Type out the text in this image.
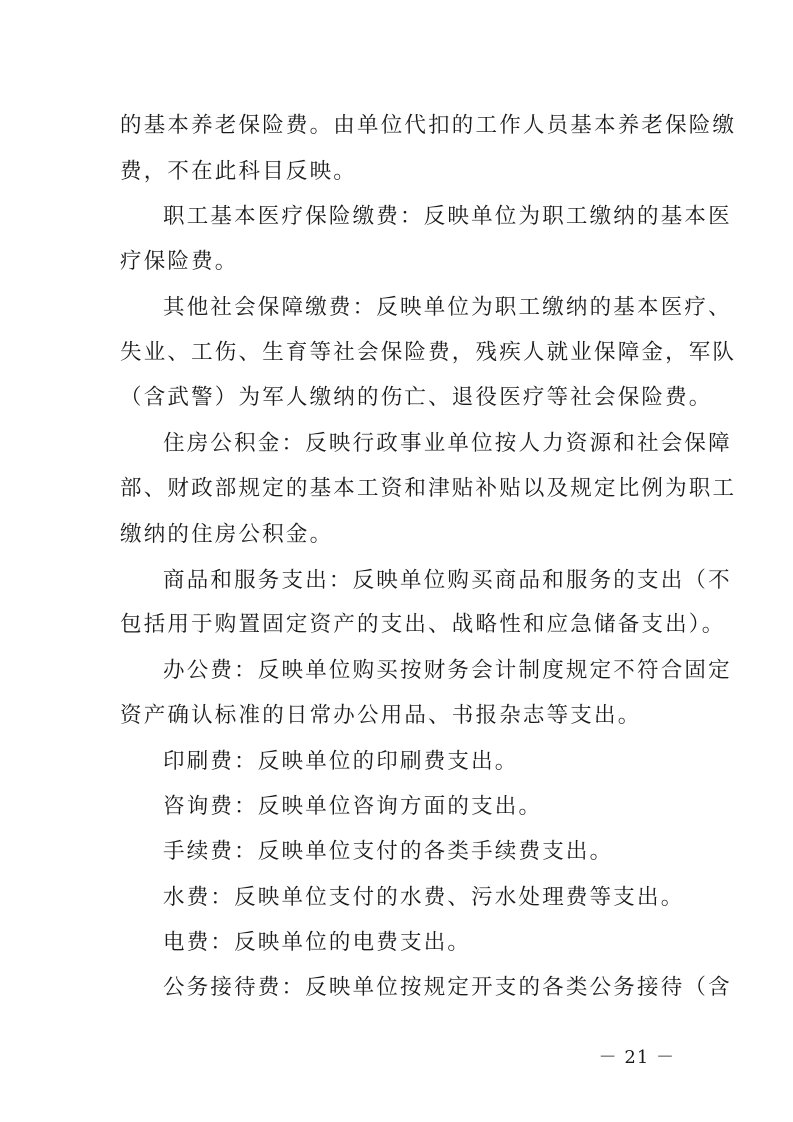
的基本养老保险费。由单位代扣的工作人员基本养老保险缴
费，不在此科目反映。
职工基本医疗保险缴费：反映单位为职工缴纳的基本医
疗保险费。
其他社会保障缴费：反映单位为职工缴纳的基本医疗、
失业、工伤、生育等社会保险费，残疾人就业保障金，军队
（含武警）为军人缴纳的伤亡、退役医疗等社会保险费。
住房公积金：反映行政事业单位按人力资源和社会保障
部、财政部规定的基本工资和津贴补贴以及规定比例为职工
缴纳的住房公积金。
商品和服务支出：反映单位购买商品和服务的支出（不
包括用于购置固定资产的支出、战略性和应急储备支出）。
办公费：反映单位购买按财务会计制度规定不符合固定
资产确认标准的日常办公用品、书报杂志等支出。
印刷费：反映单位的印刷费支出。
咨询费：反映单位咨询方面的支出。
手续费：反映单位支付的各类手续费支出。
水费：反映单位支付的水费、污水处理费等支出。
电费：反映单位的电费支出。
公务接待费：反映单位按规定开支的各类公务接待（含
－ 21 －
